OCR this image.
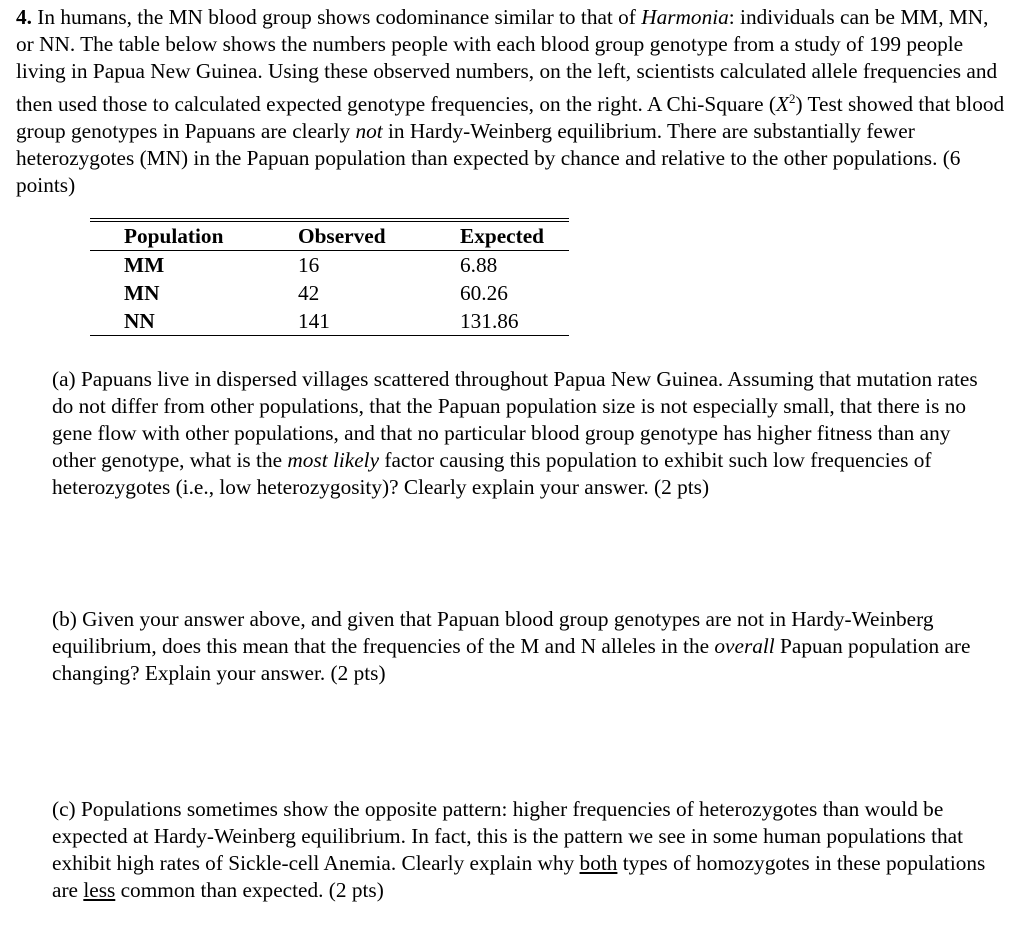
4. In humans, the MN blood group shows codominance similar to that of Harmonia: individuals can be MM, MN, or NN. The table below shows the numbers people with each blood group genotype from a study of 199 people living in Papua New Guinea. Using these observed numbers, on the left, scientists calculated allele frequencies and then used those to calculated expected genotype frequencies, on the right. A Chi-Square $(X^2)$ Test showed that blood group genotypes in Papuans are clearly not in Hardy-Weinberg equilibrium. There are substantially fewer heterozygotes (MN) in the Papuan population than expected by chance and relative to the other populations. (6 points)
Population	Observed	Expected
MM	16	6.88
MN	42	60.26
NN	141	131.86
(a) Papuans live in dispersed villages scattered throughout Papua New Guinea. Assuming that mutation rates do not differ from other populations, that the Papuan population size is not especially small, that there is no gene flow with other populations, and that no particular blood group genotype has higher fitness than any other genotype, what is the most likely factor causing this population to exhibit such low frequencies of heterozygotes (i.e., low heterozygosity)? Clearly explain your answer. (2 pts)
(b) Given your answer above, and given that Papuan blood group genotypes are not in Hardy-Weinberg equilibrium, does this mean that the frequencies of the M and N alleles in the overall Papuan population are changing? Explain your answer. (2 pts)
(c) Populations sometimes show the opposite pattern: higher frequencies of heterozygotes than would be expected at Hardy-Weinberg equilibrium. In fact, this is the pattern we see in some human populations that exhibit high rates of Sickle-cell Anemia. Clearly explain why both types of homozygotes in these populations are less common than expected. (2 pts)
